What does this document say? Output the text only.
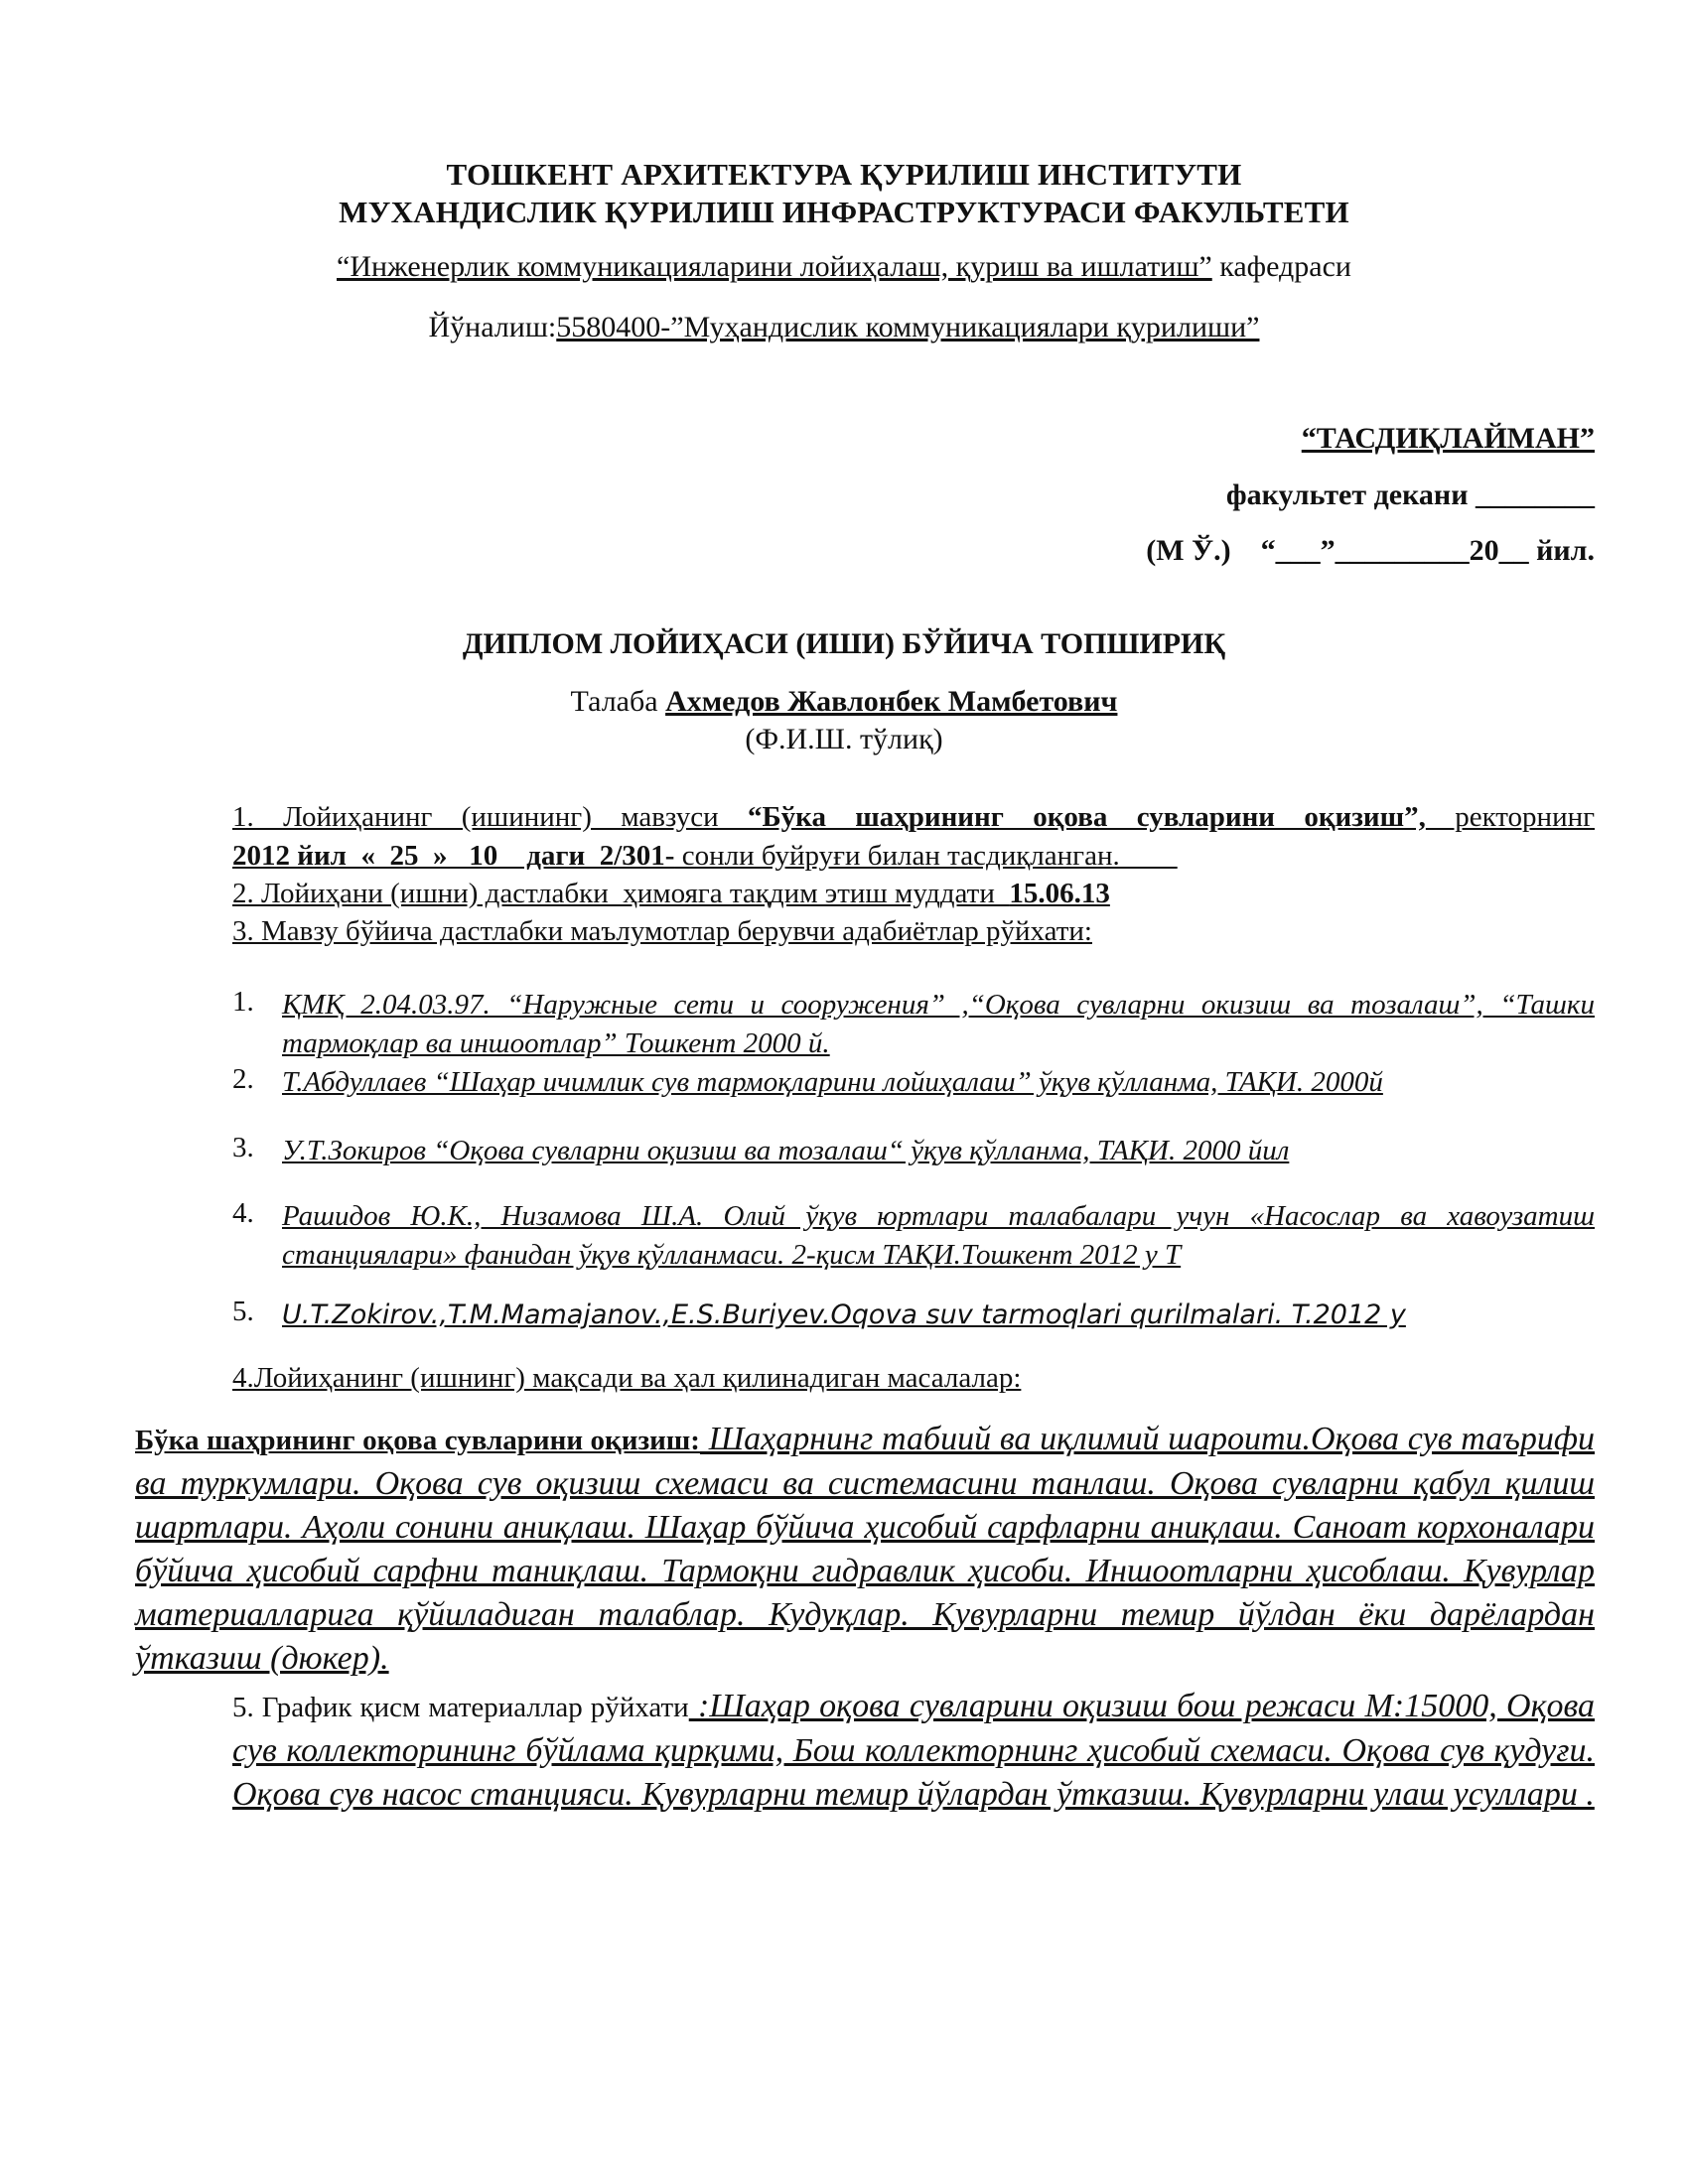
ТОШКЕНТ АРХИТЕКТУРА ҚУРИЛИШ ИНСТИТУТИ
МУХАНДИСЛИК ҚУРИЛИШ ИНФРАСТРУКТУРАСИ ФАКУЛЬТЕТИ
“Инженерлик коммуникацияларини лойиҳалаш, қуриш ва ишлатиш” кафедраси
Йўналиш:5580400-”Муҳандислик коммуникациялари қурилиши”
“ТАСДИҚЛАЙМАН”
факультет декани ________
(М Ў.)    “___”_________20__ йил.
ДИПЛОМ ЛОЙИҲАСИ (ИШИ) БЎЙИЧА ТОПШИРИҚ
Талаба Ахмедов Жавлонбек Мамбетович
(Ф.И.Ш. тўлиқ)
1. Лойиҳанинг (ишининг) мавзуси “Бўка шаҳрининг оқова сувларини оқизиш”, ректорнинг
2012 йил  «  25  »   10    даги  2/301- сонли буйруғи билан тасдиқланган.
2. Лойиҳани (ишни) дастлабки  ҳимояга тақдим этиш муддати  15.06.13
3. Мавзу бўйича дастлабки маълумотлар берувчи адабиётлар рўйхати:
1. ҚМҚ 2.04.03.97. “Наружные сети и сооружения” ,“Оқова сувларни окизиш ва тозалаш”, “Ташки тармоқлар ва иншоотлар” Тошкент 2000 й.
2. Т.Абдуллаев “Шаҳар ичимлик сув тармоқларини лойиҳалаш” ўқув қўлланма, ТАҚИ. 2000й
3. У.Т.Зокиров “Оқова сувларни оқизиш ва тозалаш“ ўқув қўлланма, ТАҚИ. 2000 йил
4. Рашидов Ю.К., Низамова Ш.А. Олий ўқув юртлари талабалари учун «Насослар ва хавоузатиш станциялари» фанидан ўқув қўлланмаси. 2-қисм ТАҚИ.Тошкент 2012 у Т
5.	U.T.Zokirov.,T.M.Mamajanov.,E.S.Buriyev.Oqova suv tarmoqlari qurilmalari. T.2012 y
4.Лойиҳанинг (ишнинг) мақсади ва ҳал қилинадиган масалалар:
Бўка шаҳрининг оқова сувларини оқизиш: Шаҳарнинг табиий ва иқлимий шароити.Оқова сув таърифи ва туркумлари. Оқова сув оқизиш схемаси ва системасини танлаш. Оқова сувларни қабул қилиш шартлари. Аҳоли сонини аниқлаш. Шаҳар бўйича ҳисобий сарфларни аниқлаш. Саноат корхоналари бўйича ҳисобий сарфни таниқлаш. Тармоқни гидравлик ҳисоби. Иншоотларни ҳисоблаш. Қувурлар материалларига қўйиладиган талаблар. Кудуқлар. Қувурларни темир йўлдан ёки дарёлардан ўтказиш (дюкер).
5. График қисм материаллар рўйхати :Шаҳар оқова сувларини оқизиш бош режаси М:15000, Оқова сув коллекторининг бўйлама қирқими, Бош коллекторнинг ҳисобий схемаси. Оқова сув қудуғи. Оқова сув насос станцияси. Қувурларни темир йўлардан ўтказиш. Қувурларни улаш усуллари .
